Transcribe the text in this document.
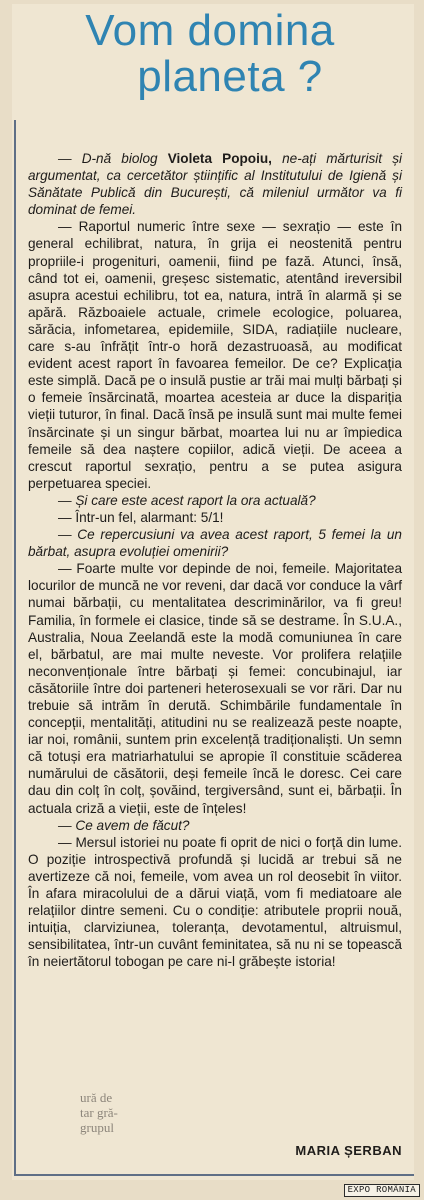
Vom domina

planeta ?

— D-nă biolog Violeta Popoiu, ne-ați mărturisit și argumentat, ca cercetător științific al Institutului de Igienă și Sănătate Publică din București, că mileniul următor va fi dominat de femei.

— Raportul numeric între sexe — sexrațio — este în general echilibrat, natura, în grija ei neostenită pentru propriile-i progenituri, oamenii, fiind pe fază. Atunci, însă, când tot ei, oamenii, greșesc sistematic, atentând ireversibil asupra acestui echilibru, tot ea, natura, intră în alarmă și se apără. Războaiele actuale, crimele ecologice, poluarea, sărăcia, infometarea, epidemiile, SIDA, radiațiile nucleare, care s-au înfrățit într-o horă dezastruoasă, au modificat evident acest raport în favoarea femeilor. De ce? Explicația este simplă. Dacă pe o insulă pustie ar trăi mai mulți bărbați și o femeie însărcinată, moartea acesteia ar duce la dispariția vieții tuturor, în final. Dacă însă pe insulă sunt mai multe femei însărcinate și un singur bărbat, moartea lui nu ar împiedica femeile să dea naștere copiilor, adică vieții. De aceea a crescut raportul sexrațio, pentru a se putea asigura perpetuarea speciei.

— Și care este acest raport la ora actuală?

— Într-un fel, alarmant: 5/1!

— Ce repercusiuni va avea acest raport, 5 femei la un bărbat, asupra evoluției omenirii?

— Foarte multe vor depinde de noi, femeile. Majoritatea locurilor de muncă ne vor reveni, dar dacă vor conduce la vârf numai bărbații, cu mentalitatea descriminărilor, va fi greu! Familia, în formele ei clasice, tinde să se destrame. În S.U.A., Australia, Noua Zeelandă este la modă comuniunea în care el, bărbatul, are mai multe neveste. Vor prolifera relațiile neconvenționale între bărbați și femei: concubinajul, iar căsătoriile între doi parteneri heterosexuali se vor rări. Dar nu trebuie să intrăm în derută. Schimbările fundamentale în concepții, mentalități, atitudini nu se realizează peste noapte, iar noi, românii, suntem prin excelență tradiționaliști. Un semn că totuși era matriarhatului se apropie îl constituie scăderea numărului de căsătorii, deși femeile încă le doresc. Cei care dau din colț în colț, șovăind, tergiversând, sunt ei, bărbații. În actuala criză a vieții, este de înțeles!

— Ce avem de făcut?

— Mersul istoriei nu poate fi oprit de nici o forță din lume. O poziție introspectivă profundă și lucidă ar trebui să ne avertizeze că noi, femeile, vom avea un rol deosebit în viitor. În afara miracolului de a dărui viață, vom fi mediatoare ale relațiilor dintre semeni. Cu o condiție: atributele proprii nouă, intuiția, clarviziunea, toleranța, devotamentul, altruismul, sensibilitatea, într-un cuvânt feminitatea, să nu ni se topească în neiertătorul tobogan pe care ni-l grăbește istoria!

ură de
tar gră-
grupul
MARIA ȘERBAN
EXPO ROMÂNIA
